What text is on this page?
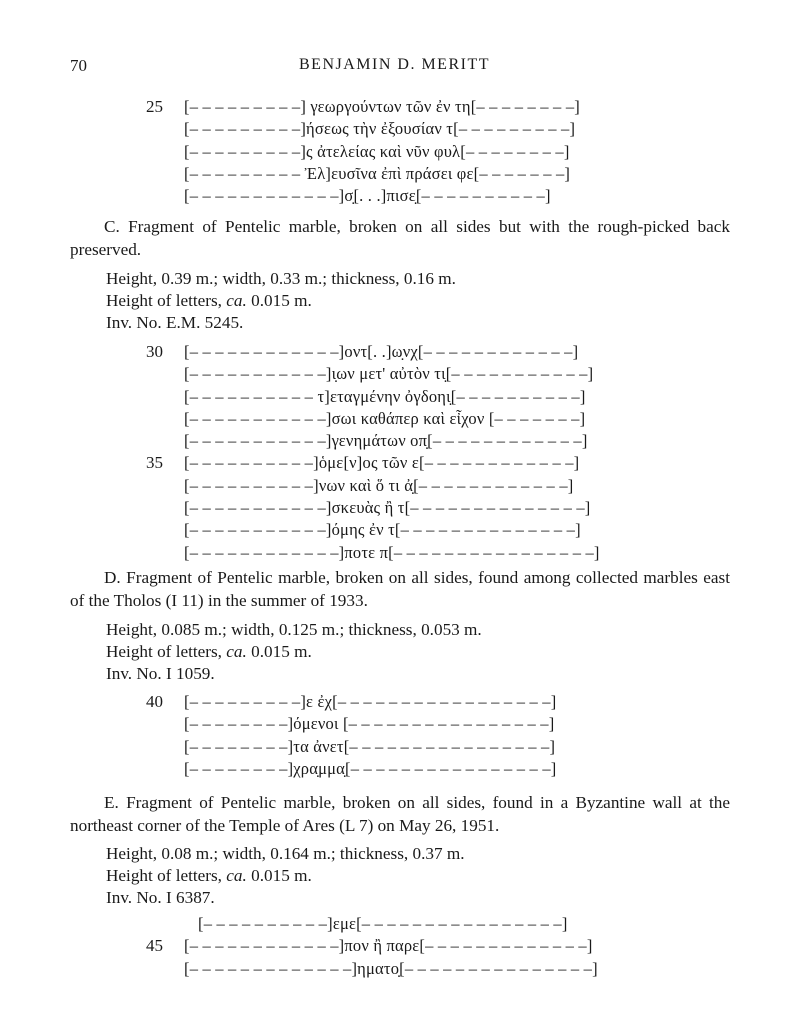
70	BENJAMIN D. MERITT
25 [– – – – – – – – –] γεωργούντων τῶν ἐν τη[– – – – – – – –]
[– – – – – – – – –]ήσεως τὴν ἐξουσίαν τ[– – – – – – – – –]
[– – – – – – – – –]ς ἀτελείας καὶ νῦν φυλ[– – – – – – – –]
[– – – – – – – – – Ἐλ]ευσῖνα ἐπὶ πράσει φε[– – – – – – –]
[– – – – – – – – – – – –]σ̣[. . .]πισε̣[– – – – – – – – – –]
C. Fragment of Pentelic marble, broken on all sides but with the rough-picked back preserved.
Height, 0.39 m.; width, 0.33 m.; thickness, 0.16 m.
Height of letters, ca. 0.015 m.
Inv. No. E.M. 5245.
30 [– – – – – – – – – – – –]οντ[. .]ω̣νχ[– – – – – – – – – – – –]
[– – – – – – – – – – –]ι̣ων μετ' αὐτὸν τι̣[– – – – – – – – – – –]
[– – – – – – – – – – τ]εταγμένην ὀγδοηι̣[– – – – – – – – – –]
[– – – – – – – – – – –]σωι καθάπερ καὶ εἶχον [– – – – – – –]
[– – – – – – – – – – –]γενημάτων οπ̣[– – – – – – – – – – – –]
35 [– – – – – – – – – –]ὁμε[ν]ος τῶν ε[– – – – – – – – – – – –]
[– – – – – – – – – –]νων καὶ ὅ τι ἀ̣[– – – – – – – – – – – –]
[– – – – – – – – – – –]σκευὰς ἢ τ[– – – – – – – – – – – – – –]
[– – – – – – – – – – –]όμης ἐν τ[– – – – – – – – – – – – – –]
[– – – – – – – – – – – –]ποτε π[– – – – – – – – – – – – – – – –]
D. Fragment of Pentelic marble, broken on all sides, found among collected marbles east of the Tholos (I 11) in the summer of 1933.
Height, 0.085 m.; width, 0.125 m.; thickness, 0.053 m.
Height of letters, ca. 0.015 m.
Inv. No. I 1059.
40 [– – – – – – – – –]ε ἐχ[– – – – – – – – – – – – – – – – –]
[– – – – – – – –]όμενοι [– – – – – – – – – – – – – – – –]
[– – – – – – – –]τα ἀνετ[– – – – – – – – – – – – – – – –]
[– – – – – – – –]χρα̣μμα̣[– – – – – – – – – – – – – – – –]
E. Fragment of Pentelic marble, broken on all sides, found in a Byzantine wall at the northeast corner of the Temple of Ares (L 7) on May 26, 1951.
Height, 0.08 m.; width, 0.164 m.; thickness, 0.37 m.
Height of letters, ca. 0.015 m.
Inv. No. I 6387.
[– – – – – – – – – –]εμε[– – – – – – – – – – – – – – – –]
45 [– – – – – – – – – – – –]πον ἢ παρε[– – – – – – – – – – – – –]
[– – – – – – – – – – – – –]ηματο̣[– – – – – – – – – – – – – – –]
